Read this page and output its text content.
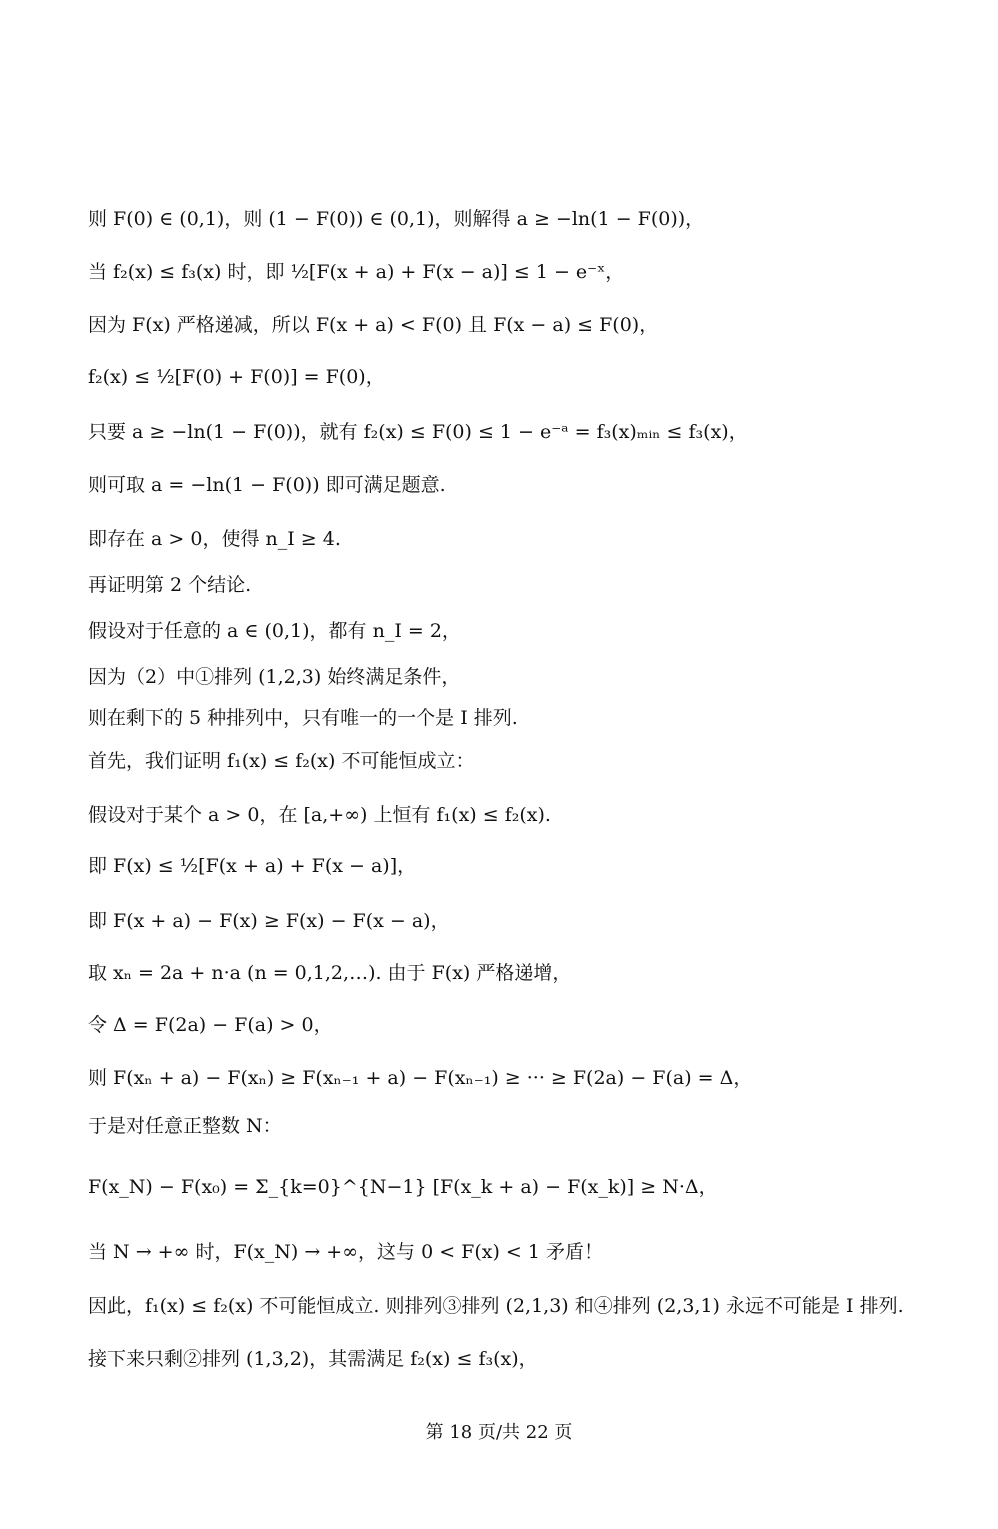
则 F(0) ∈ (0,1)，则 (1 − F(0)) ∈ (0,1)，则解得 a ≥ −ln(1 − F(0))，
当 f₂(x) ≤ f₃(x) 时，即 ½[F(x + a) + F(x − a)] ≤ 1 − e⁻ˣ，
因为 F(x) 严格递减，所以 F(x + a) < F(0) 且 F(x − a) ≤ F(0)，
f₂(x) ≤ ½[F(0) + F(0)] = F(0)，
只要 a ≥ −ln(1 − F(0))，就有 f₂(x) ≤ F(0) ≤ 1 − e⁻ᵃ = f₃(x)ₘᵢₙ ≤ f₃(x)，
则可取 a = −ln(1 − F(0)) 即可满足题意.
即存在 a > 0，使得 n_I ≥ 4.
再证明第 2 个结论.
假设对于任意的 a ∈ (0,1)，都有 n_I = 2，
因为（2）中①排列 (1,2,3) 始终满足条件，
则在剩下的 5 种排列中，只有唯一的一个是 I 排列.
首先，我们证明 f₁(x) ≤ f₂(x) 不可能恒成立：
假设对于某个 a > 0，在 [a,+∞) 上恒有 f₁(x) ≤ f₂(x).
即 F(x) ≤ ½[F(x + a) + F(x − a)]，
即 F(x + a) − F(x) ≥ F(x) − F(x − a)，
取 xₙ = 2a + n·a (n = 0,1,2,…). 由于 F(x) 严格递增，
令 Δ = F(2a) − F(a) > 0，
则 F(xₙ + a) − F(xₙ) ≥ F(xₙ₋₁ + a) − F(xₙ₋₁) ≥ ··· ≥ F(2a) − F(a) = Δ，
于是对任意正整数 N：
F(x_N) − F(x₀) = Σ_{k=0}^{N−1} [F(x_k + a) − F(x_k)] ≥ N·Δ，
当 N → +∞ 时，F(x_N) → +∞，这与 0 < F(x) < 1 矛盾！
因此，f₁(x) ≤ f₂(x) 不可能恒成立. 则排列③排列 (2,1,3) 和④排列 (2,3,1) 永远不可能是 I 排列.
接下来只剩②排列 (1,3,2)，其需满足 f₂(x) ≤ f₃(x)，
第 18 页/共 22 页
